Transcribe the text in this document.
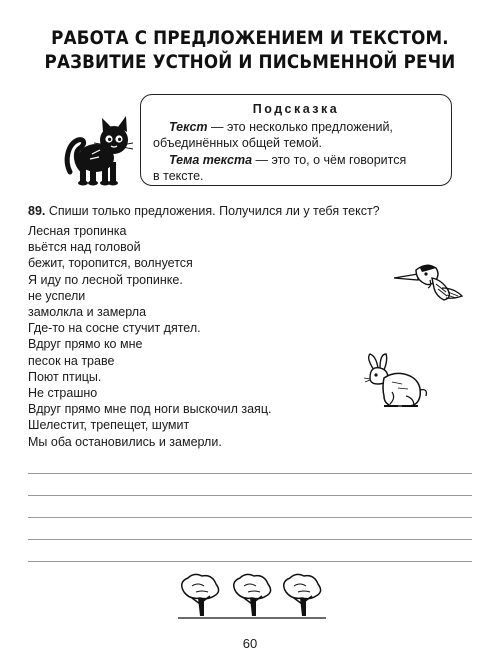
РАБОТА С ПРЕДЛОЖЕНИЕМ И ТЕКСТОМ.
РАЗВИТИЕ УСТНОЙ И ПИСЬМЕННОЙ РЕЧИ
Подсказка
Текст — это несколько предложений,
объединённых общей темой.
Тема текста — это то, о чём говорится
в тексте.
89. Спиши только предложения. Получился ли у тебя текст?
Лесная тропинка
вьётся над головой
бежит, торопится, волнуется
Я иду по лесной тропинке.
не успели
замолкла и замерла
Где-то на сосне стучит дятел.
Вдруг прямо ко мне
песок на траве
Поют птицы.
Не страшно
Вдруг прямо мне под ноги выскочил заяц.
Шелестит, трепещет, шумит
Мы оба остановились и замерли.
60
